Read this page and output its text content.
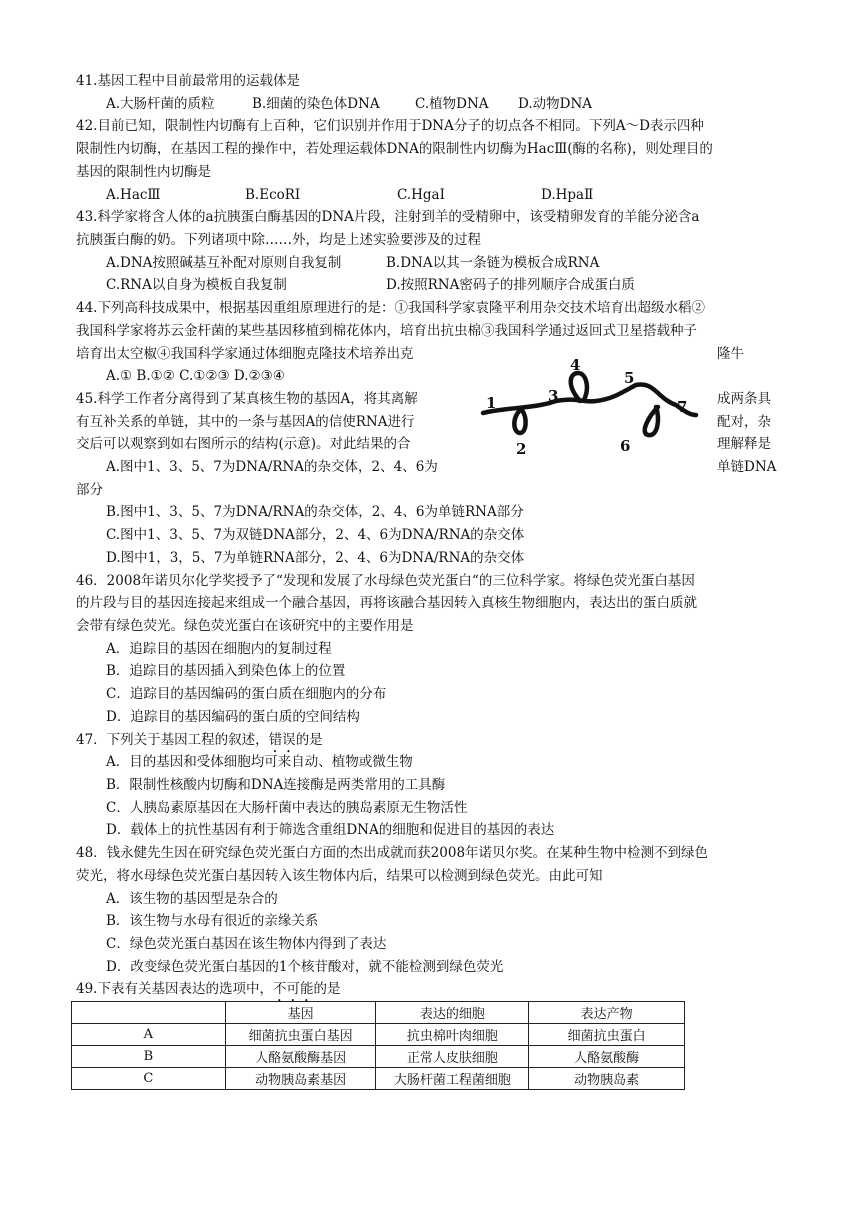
41.基因工程中目前最常用的运载体是
A.大肠杆菌的质粒	B.细菌的染色体DNA	C.植物DNA D.动物DNA
42.目前已知，限制性内切酶有上百种，它们识别并作用于DNA分子的切点各不相同。下列A～D表示四种
限制性内切酶，在基因工程的操作中，若处理运载体DNA的限制性内切酶为HacⅢ(酶的名称)，则处理目的
基因的限制性内切酶是
A.HacⅢ	B.EcoRⅠ	C.HgaⅠ	D.HpaⅡ
43.科学家将含人体的a抗胰蛋白酶基因的DNA片段，注射到羊的受精卵中，该受精卵发育的羊能分泌含a
抗胰蛋白酶的奶。下列诸项中除……外，均是上述实验要涉及的过程
A.DNA按照碱基互补配对原则自我复制	B.DNA以其一条链为模板合成RNA
C.RNA以自身为模板自我复制	D.按照RNA密码子的排列顺序合成蛋白质
44.下列高科技成果中，根据基因重组原理进行的是：①我国科学家袁隆平利用杂交技术培育出超级水稻②
我国科学家将苏云金杆菌的某些基因移植到棉花体内，培育出抗虫棉③我国科学通过返回式卫星搭载种子
培育出太空椒④我国科学家通过体细胞克隆技术培养出克	隆牛
A.① B.①② C.①②③ D.②③④
45.科学工作者分离得到了某真核生物的基因A，将其离解	成两条具
有互补关系的单链，其中的一条与基因A的信使RNA进行	配对，杂
交后可以观察到如右图所示的结构(示意)。对此结果的合	理解释是
A.图中1、3、5、7为DNA/RNA的杂交体，2、4、6为	单链DNA
部分
B.图中1、3、5、7为DNA/RNA的杂交体，2、4、6为单链RNA部分
C.图中1、3、5、7为双链DNA部分，2、4、6为DNA/RNA的杂交体
D.图中1，3，5、7为单链RNA部分，2、4、6为DNA/RNA的杂交体
1
2
3
4
5
6
7
46．2008年诺贝尔化学奖授予了“发现和发展了水母绿色荧光蛋白“的三位科学家。将绿色荧光蛋白基因
的片段与目的基因连接起来组成一个融合基因，再将该融合基因转入真核生物细胞内，表达出的蛋白质就
会带有绿色荧光。绿色荧光蛋白在该研究中的主要作用是
A．追踪目的基因在细胞内的复制过程
B．追踪目的基因插入到染色体上的位置
C．追踪目的基因编码的蛋白质在细胞内的分布
D．追踪目的基因编码的蛋白质的空间结构
47．下列关于基因工程的叙述，错误的是
A．目的基因和受体细胞均可来自动、植物或微生物
B．限制性核酸内切酶和DNA连接酶是两类常用的工具酶
C．人胰岛素原基因在大肠杆菌中表达的胰岛素原无生物活性
D．载体上的抗性基因有利于筛选含重组DNA的细胞和促进目的基因的表达
48．钱永健先生因在研究绿色荧光蛋白方面的杰出成就而获2008年诺贝尔奖。在某种生物中检测不到绿色
荧光，将水母绿色荧光蛋白基因转入该生物体内后，结果可以检测到绿色荧光。由此可知
A．该生物的基因型是杂合的
B．该生物与水母有很近的亲缘关系
C．绿色荧光蛋白基因在该生物体内得到了表达
D．改变绿色荧光蛋白基因的1个核苷酸对，就不能检测到绿色荧光
49.下表有关基因表达的选项中，不可能的是
	基因	表达的细胞	表达产物
A	细菌抗虫蛋白基因	抗虫棉叶肉细胞	细菌抗虫蛋白
B	人酪氨酸酶基因	正常人皮肤细胞	人酪氨酸酶
C	动物胰岛素基因	大肠杆菌工程菌细胞	动物胰岛素
